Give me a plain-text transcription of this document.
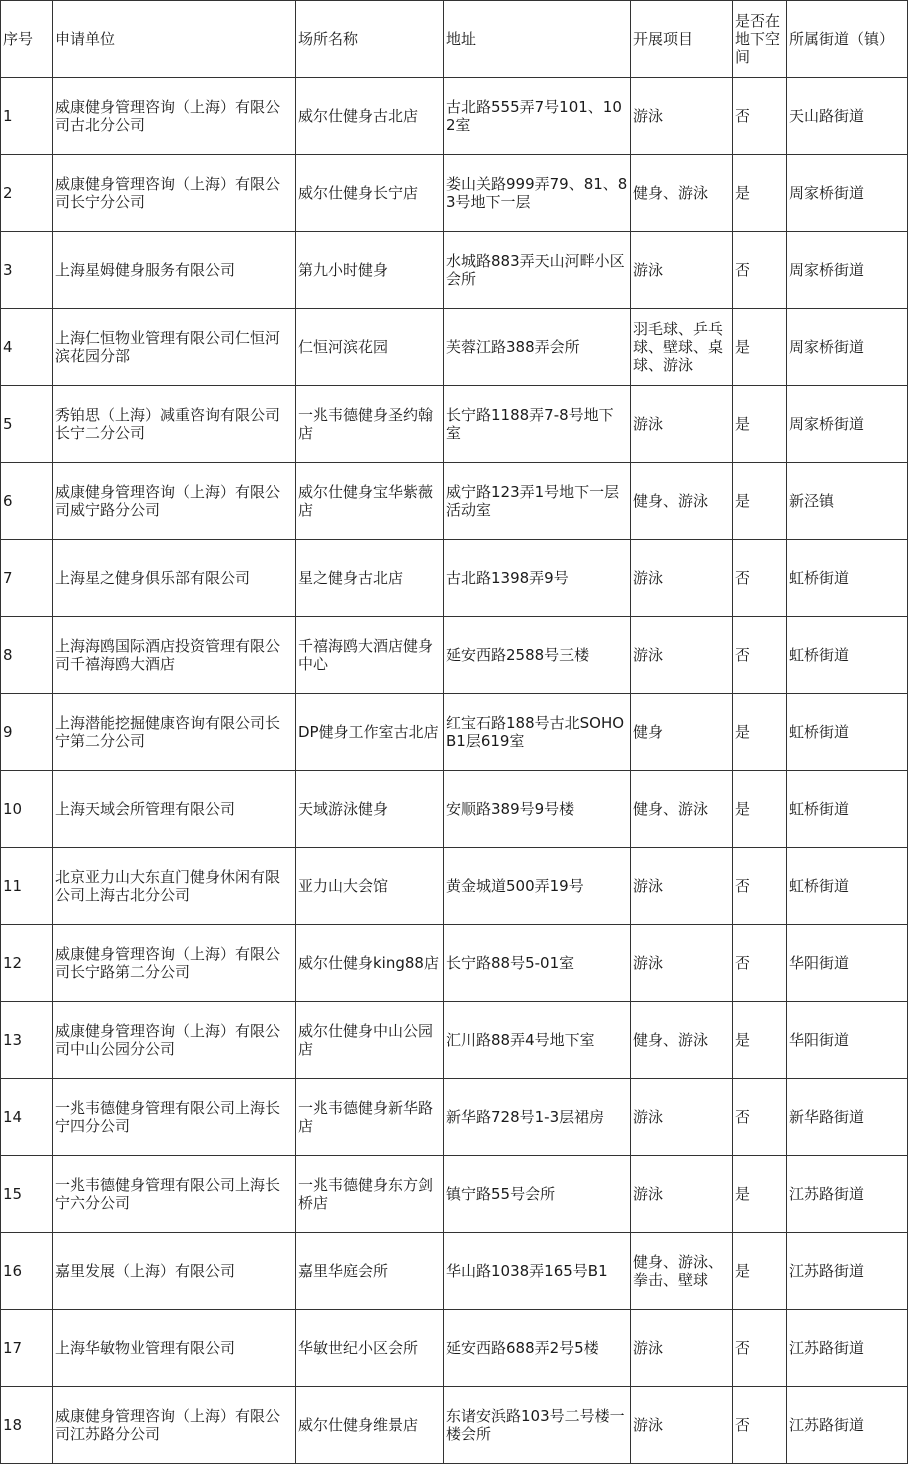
序号	申请单位	场所名称	地址	开展项目	是否在地下空间	所属街道（镇）
1	威康健身管理咨询（上海）有限公司古北分公司	威尔仕健身古北店	古北路555弄7号101、102室	游泳	否	天山路街道
2	威康健身管理咨询（上海）有限公司长宁分公司	威尔仕健身长宁店	娄山关路999弄79、81、83号地下一层	健身、游泳	是	周家桥街道
3	上海星姆健身服务有限公司	第九小时健身	水城路883弄天山河畔小区会所	游泳	否	周家桥街道
4	上海仁恒物业管理有限公司仁恒河滨花园分部	仁恒河滨花园	芙蓉江路388弄会所	羽毛球、乒乓球、壁球、桌球、游泳	是	周家桥街道
5	秀铂思（上海）减重咨询有限公司长宁二分公司	一兆韦德健身圣约翰店	长宁路1188弄7-8号地下室	游泳	是	周家桥街道
6	威康健身管理咨询（上海）有限公司威宁路分公司	威尔仕健身宝华紫薇店	威宁路123弄1号地下一层活动室	健身、游泳	是	新泾镇
7	上海星之健身俱乐部有限公司	星之健身古北店	古北路1398弄9号	游泳	否	虹桥街道
8	上海海鸥国际酒店投资管理有限公司千禧海鸥大酒店	千禧海鸥大酒店健身中心	延安西路2588号三楼	游泳	否	虹桥街道
9	上海潜能挖掘健康咨询有限公司长宁第二分公司	DP健身工作室古北店	红宝石路188号古北SOHO B1层619室	健身	是	虹桥街道
10	上海天域会所管理有限公司	天域游泳健身	安顺路389号9号楼	健身、游泳	是	虹桥街道
11	北京亚力山大东直门健身休闲有限公司上海古北分公司	亚力山大会馆	黄金城道500弄19号	游泳	否	虹桥街道
12	威康健身管理咨询（上海）有限公司长宁路第二分公司	威尔仕健身king88店	长宁路88号5-01室	游泳	否	华阳街道
13	威康健身管理咨询（上海）有限公司中山公园分公司	威尔仕健身中山公园店	汇川路88弄4号地下室	健身、游泳	是	华阳街道
14	一兆韦德健身管理有限公司上海长宁四分公司	一兆韦德健身新华路店	新华路728号1-3层裙房	游泳	否	新华路街道
15	一兆韦德健身管理有限公司上海长宁六分公司	一兆韦德健身东方剑桥店	镇宁路55号会所	游泳	是	江苏路街道
16	嘉里发展（上海）有限公司	嘉里华庭会所	华山路1038弄165号B1	健身、游泳、拳击、壁球	是	江苏路街道
17	上海华敏物业管理有限公司	华敏世纪小区会所	延安西路688弄2号5楼	游泳	否	江苏路街道
18	威康健身管理咨询（上海）有限公司江苏路分公司	威尔仕健身维景店	东诸安浜路103号二号楼一楼会所	游泳	否	江苏路街道
